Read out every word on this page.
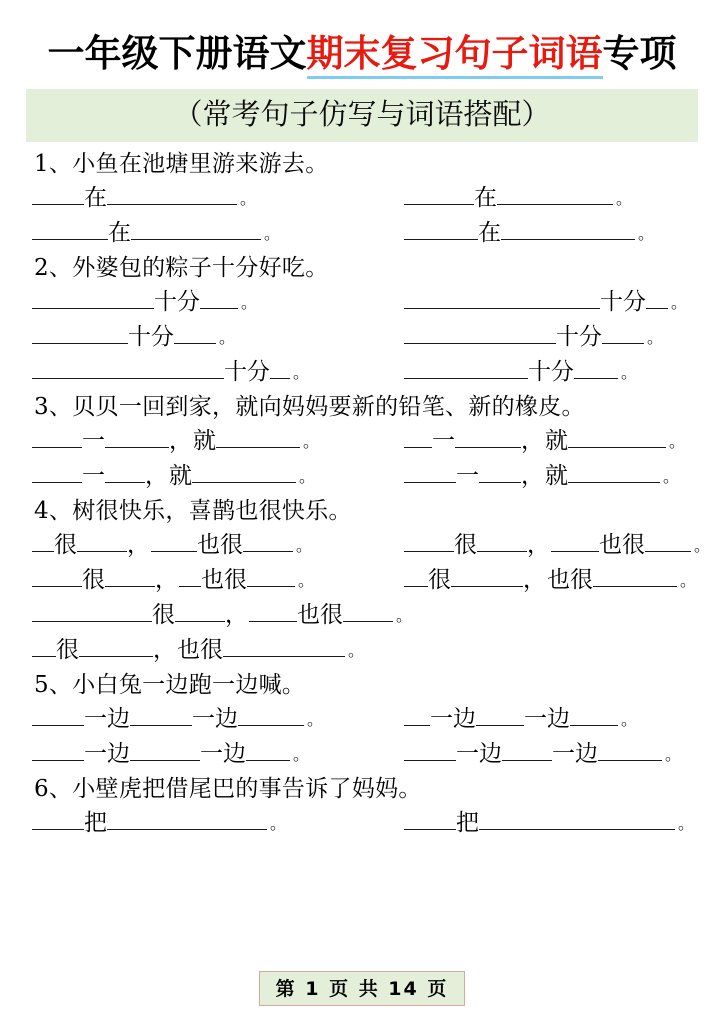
一年级下册语文期末复习句子词语专项
（常考句子仿写与词语搭配）
1、小鱼在池塘里游来游去。
在	。	在	。
在	。	在	。
2、外婆包的粽子十分好吃。
十分	。	十分 。
十分	。	十分	。
十分 。	十分	。
3、贝贝一回到家，就向妈妈要新的铅笔、新的橡皮。
一	， 就	。	一	， 就	。
一 ， 就	。	一 ， 就	。
4、树很快乐，喜鹊也很快乐。
很 ， 也很	。	很 ， 也很	。
很 ， 也很	。	很	， 也很	。
很 ， 也很	。
很	， 也很	。
5、小白兔一边跑一边喊。
一边	一边	。	一边 一边	。
一边	一边	。	一边 一边	。
6、小壁虎把借尾巴的事告诉了妈妈。
把	。	把	。
第 1 页 共 14 页
